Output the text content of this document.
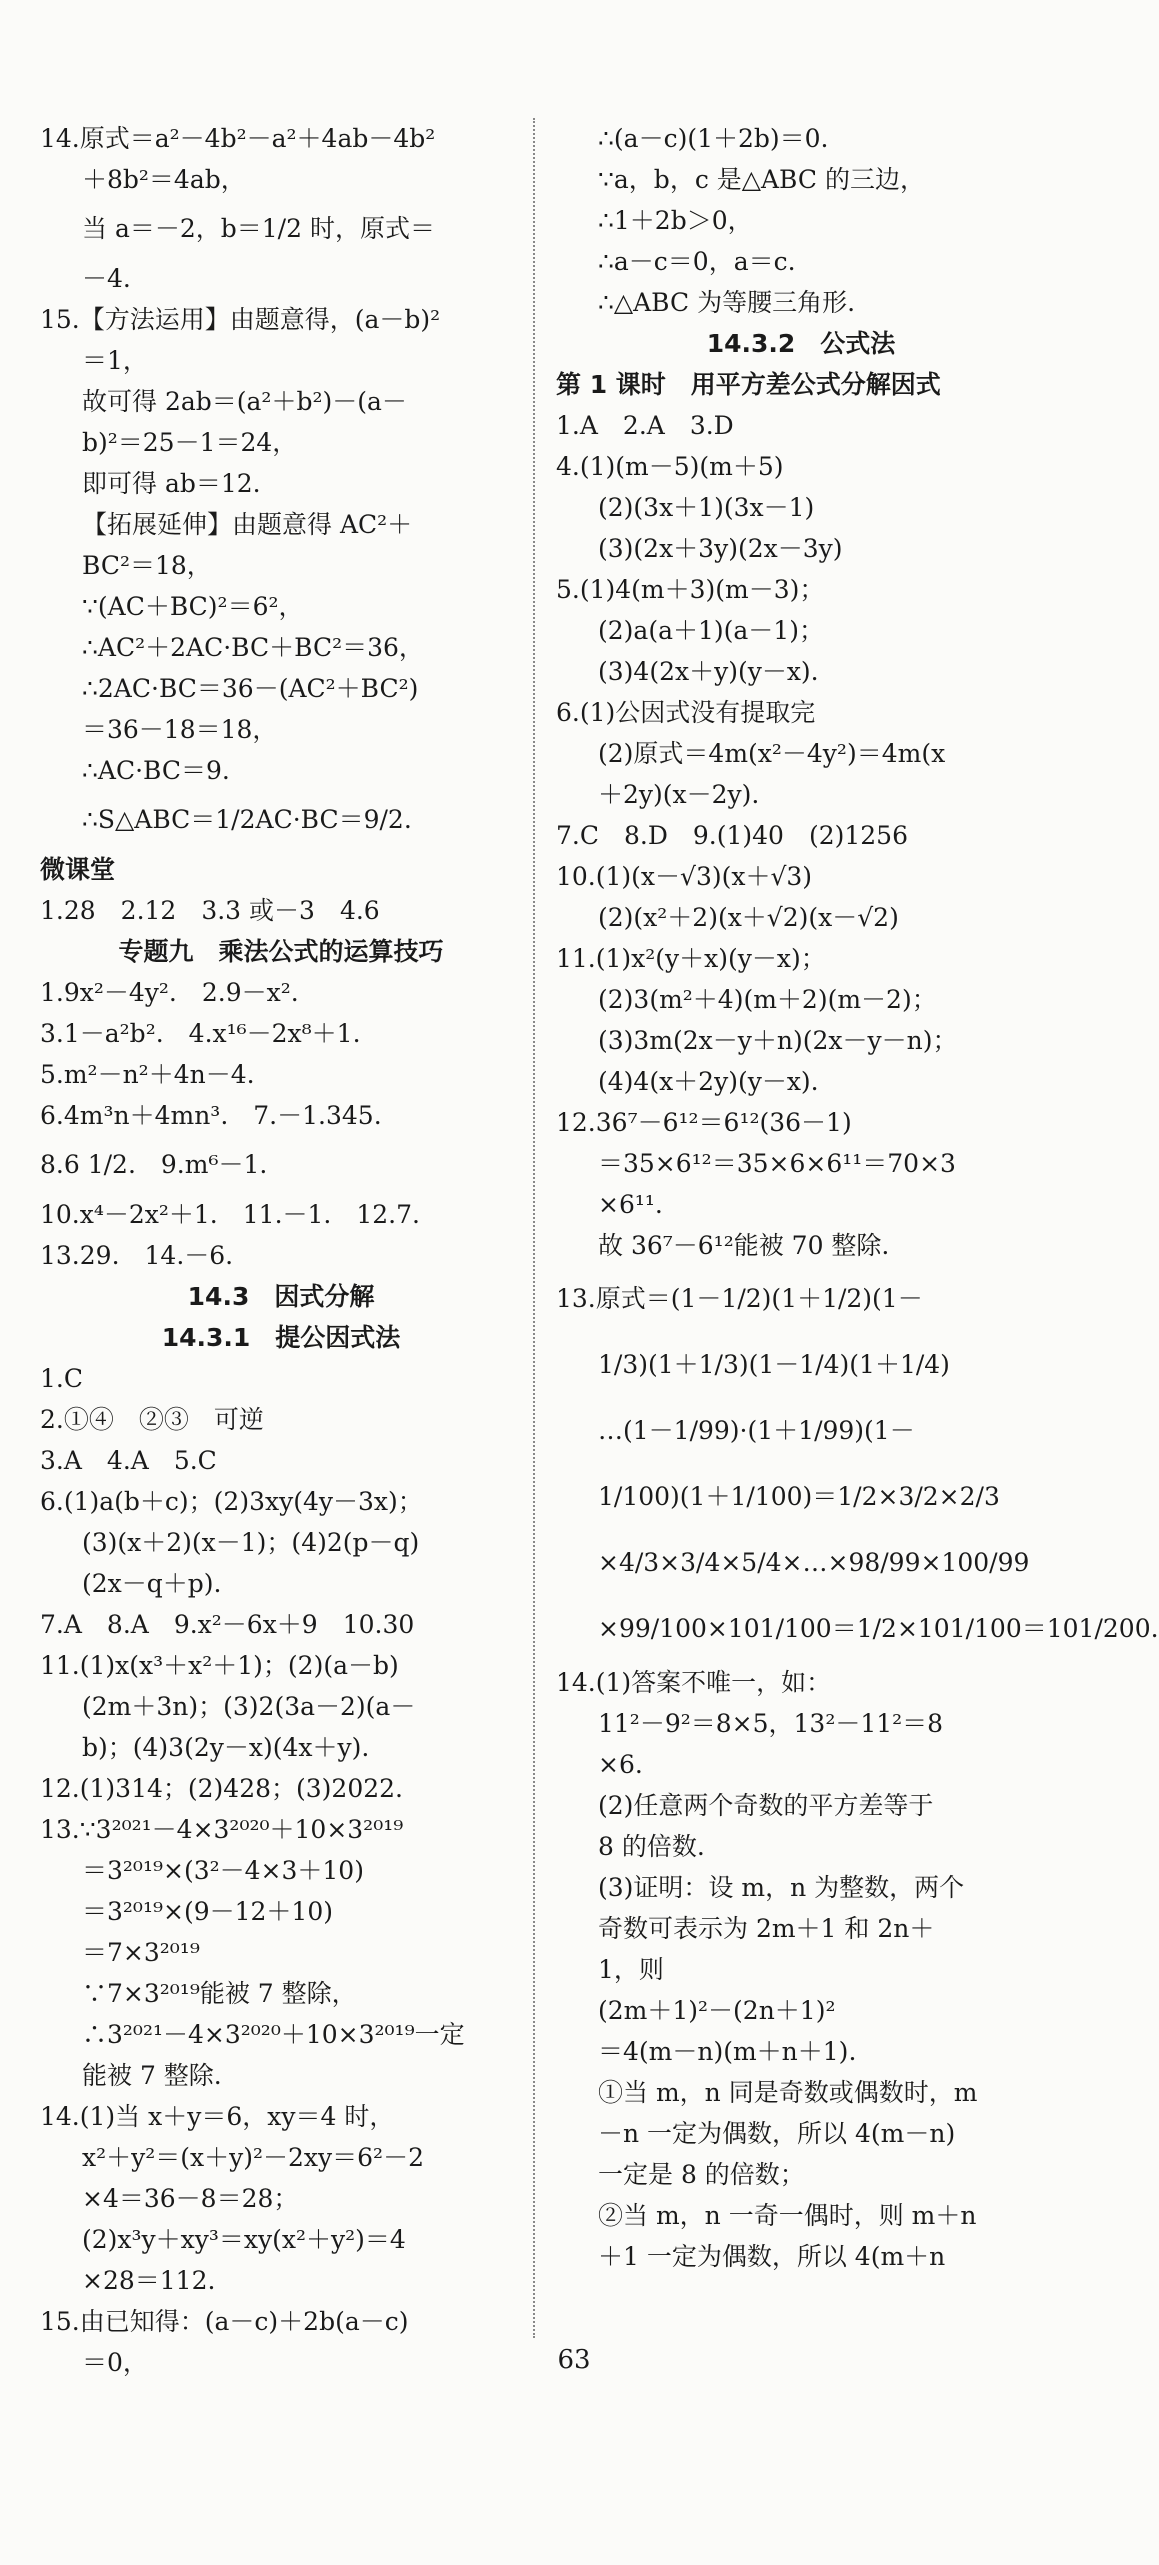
14.原式＝a²－4b²－a²＋4ab－4b²
＋8b²＝4ab，
当 a＝－2，b＝1/2 时，原式＝
－4.
15.【方法运用】由题意得，(a－b)²
＝1，
故可得 2ab＝(a²＋b²)－(a－
b)²＝25－1＝24，
即可得 ab＝12.
【拓展延伸】由题意得 AC²＋
BC²＝18，
∵(AC＋BC)²＝6²，
∴AC²＋2AC·BC＋BC²＝36，
∴2AC·BC＝36－(AC²＋BC²)
＝36－18＝18，
∴AC·BC＝9.
∴S△ABC＝1/2AC·BC＝9/2.
微课堂
1.28　2.12　3.3 或－3　4.6
专题九　乘法公式的运算技巧
1.9x²－4y².　2.9－x².
3.1－a²b².　4.x¹⁶－2x⁸＋1.
5.m²－n²＋4n－4.
6.4m³n＋4mn³.　7.－1.345.
8.6 1/2.　9.m⁶－1.
10.x⁴－2x²＋1.　11.－1.　12.7.
13.29.　14.－6.
14.3　因式分解
14.3.1　提公因式法
1.C
2.①④　②③　可逆
3.A　4.A　5.C
6.(1)a(b＋c)；(2)3xy(4y－3x)；
(3)(x＋2)(x－1)；(4)2(p－q)
(2x－q＋p).
7.A　8.A　9.x²－6x＋9　10.30
11.(1)x(x³＋x²＋1)；(2)(a－b)
(2m＋3n)；(3)2(3a－2)(a－
b)；(4)3(2y－x)(4x＋y).
12.(1)314；(2)428；(3)2022.
13.∵3²⁰²¹－4×3²⁰²⁰＋10×3²⁰¹⁹
＝3²⁰¹⁹×(3²－4×3＋10)
＝3²⁰¹⁹×(9－12＋10)
＝7×3²⁰¹⁹
∵7×3²⁰¹⁹能被 7 整除，
∴3²⁰²¹－4×3²⁰²⁰＋10×3²⁰¹⁹一定
能被 7 整除.
14.(1)当 x＋y＝6，xy＝4 时，
x²＋y²＝(x＋y)²－2xy＝6²－2
×4＝36－8＝28；
(2)x³y＋xy³＝xy(x²＋y²)＝4
×28＝112.
15.由已知得：(a－c)＋2b(a－c)
＝0，
∴(a－c)(1＋2b)＝0.
∵a，b，c 是△ABC 的三边，
∴1＋2b＞0，
∴a－c＝0，a＝c.
∴△ABC 为等腰三角形.
14.3.2　公式法
第 1 课时　用平方差公式分解因式
1.A　2.A　3.D
4.(1)(m－5)(m＋5)
(2)(3x＋1)(3x－1)
(3)(2x＋3y)(2x－3y)
5.(1)4(m＋3)(m－3)；
(2)a(a＋1)(a－1)；
(3)4(2x＋y)(y－x).
6.(1)公因式没有提取完
(2)原式＝4m(x²－4y²)＝4m(x
＋2y)(x－2y).
7.C　8.D　9.(1)40　(2)1256
10.(1)(x－√3)(x＋√3)
(2)(x²＋2)(x＋√2)(x－√2)
11.(1)x²(y＋x)(y－x)；
(2)3(m²＋4)(m＋2)(m－2)；
(3)3m(2x－y＋n)(2x－y－n)；
(4)4(x＋2y)(y－x).
12.36⁷－6¹²＝6¹²(36－1)
＝35×6¹²＝35×6×6¹¹＝70×3
×6¹¹.
故 36⁷－6¹²能被 70 整除.
13.原式＝(1－1/2)(1＋1/2)(1－
1/3)(1＋1/3)(1－1/4)(1＋1/4)
…(1－1/99)·(1＋1/99)(1－
1/100)(1＋1/100)＝1/2×3/2×2/3
×4/3×3/4×5/4×…×98/99×100/99
×99/100×101/100＝1/2×101/100＝101/200.
14.(1)答案不唯一，如：
11²－9²＝8×5，13²－11²＝8
×6.
(2)任意两个奇数的平方差等于
8 的倍数.
(3)证明：设 m，n 为整数，两个
奇数可表示为 2m＋1 和 2n＋
1，则
(2m＋1)²－(2n＋1)²
＝4(m－n)(m＋n＋1).
①当 m，n 同是奇数或偶数时，m
－n 一定为偶数，所以 4(m－n)
一定是 8 的倍数；
②当 m，n 一奇一偶时，则 m＋n
＋1 一定为偶数，所以 4(m＋n
63
